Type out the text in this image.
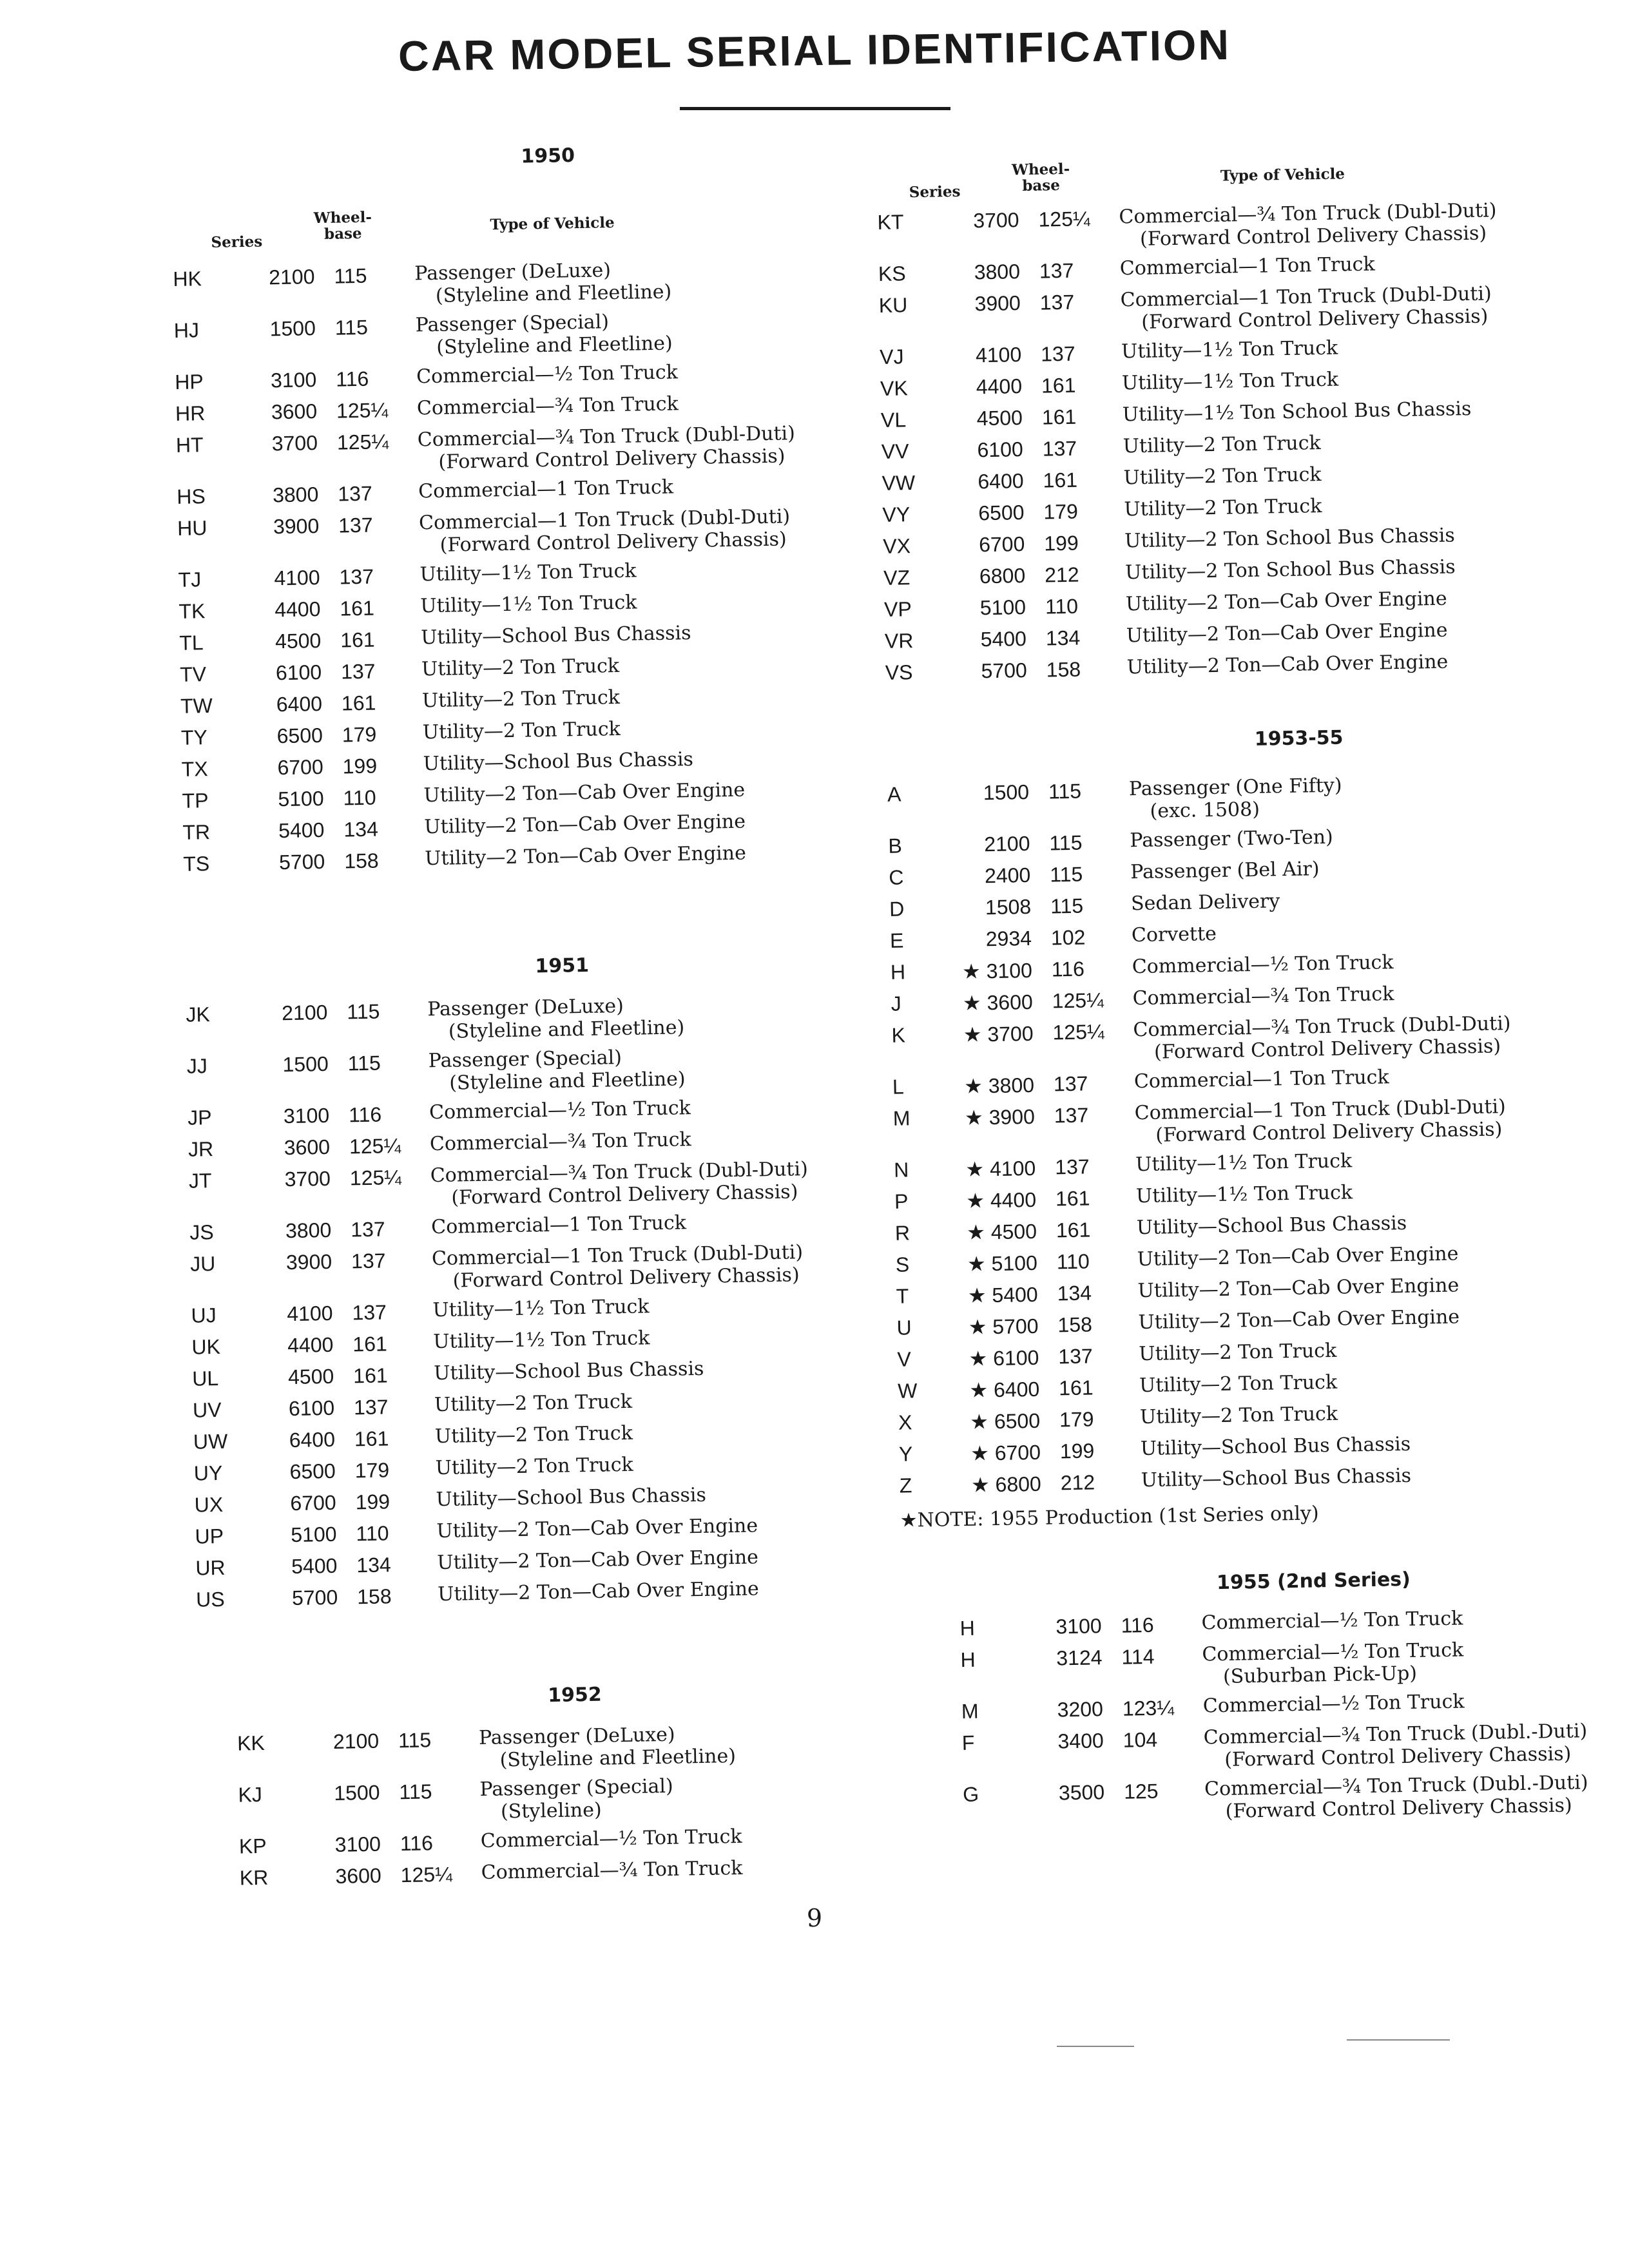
CAR MODEL SERIAL IDENTIFICATION
1950
Series
Wheel-
base
Type of Vehicle
HK	2100 115	Passenger (DeLuxe)
(Styleline and Fleetline)
HJ	1500 115	Passenger (Special)
(Styleline and Fleetline)
HP	3100 116	Commercial—½ Ton Truck
HR	3600 125¼	Commercial—¾ Ton Truck
HT	3700 125¼	Commercial—¾ Ton Truck (Dubl-Duti)
(Forward Control Delivery Chassis)
HS	3800 137	Commercial—1 Ton Truck
HU	3900 137	Commercial—1 Ton Truck (Dubl-Duti)
(Forward Control Delivery Chassis)
TJ	4100 137	Utility—1½ Ton Truck
TK	4400 161	Utility—1½ Ton Truck
TL	4500 161	Utility—School Bus Chassis
TV	6100 137	Utility—2 Ton Truck
TW	6400 161	Utility—2 Ton Truck
TY	6500 179	Utility—2 Ton Truck
TX	6700 199	Utility—School Bus Chassis
TP	5100 110	Utility—2 Ton—Cab Over Engine
TR	5400 134	Utility—2 Ton—Cab Over Engine
TS	5700 158	Utility—2 Ton—Cab Over Engine
1951
JK	2100 115	Passenger (DeLuxe)
(Styleline and Fleetline)
JJ	1500 115	Passenger (Special)
(Styleline and Fleetline)
JP	3100 116	Commercial—½ Ton Truck
JR	3600 125¼	Commercial—¾ Ton Truck
JT	3700 125¼	Commercial—¾ Ton Truck (Dubl-Duti)
(Forward Control Delivery Chassis)
JS	3800 137	Commercial—1 Ton Truck
JU	3900 137	Commercial—1 Ton Truck (Dubl-Duti)
(Forward Control Delivery Chassis)
UJ	4100 137	Utility—1½ Ton Truck
UK	4400 161	Utility—1½ Ton Truck
UL	4500 161	Utility—School Bus Chassis
UV	6100 137	Utility—2 Ton Truck
UW	6400 161	Utility—2 Ton Truck
UY	6500 179	Utility—2 Ton Truck
UX	6700 199	Utility—School Bus Chassis
UP	5100 110	Utility—2 Ton—Cab Over Engine
UR	5400 134	Utility—2 Ton—Cab Over Engine
US	5700 158	Utility—2 Ton—Cab Over Engine
1952
KK	2100 115	Passenger (DeLuxe)
(Styleline and Fleetline)
KJ	1500 115	Passenger (Special)
(Styleline)
KP	3100 116	Commercial—½ Ton Truck
KR	3600 125¼	Commercial—¾ Ton Truck
Series
Wheel-
base
Type of Vehicle
KT	3700 125¼	Commercial—¾ Ton Truck (Dubl-Duti)
(Forward Control Delivery Chassis)
KS	3800 137	Commercial—1 Ton Truck
KU	3900 137	Commercial—1 Ton Truck (Dubl-Duti)
(Forward Control Delivery Chassis)
VJ	4100 137	Utility—1½ Ton Truck
VK	4400 161	Utility—1½ Ton Truck
VL	4500 161	Utility—1½ Ton School Bus Chassis
VV	6100 137	Utility—2 Ton Truck
VW	6400 161	Utility—2 Ton Truck
VY	6500 179	Utility—2 Ton Truck
VX	6700 199	Utility—2 Ton School Bus Chassis
VZ	6800 212	Utility—2 Ton School Bus Chassis
VP	5100 110	Utility—2 Ton—Cab Over Engine
VR	5400 134	Utility—2 Ton—Cab Over Engine
VS	5700 158	Utility—2 Ton—Cab Over Engine
1953-55
A	1500 115	Passenger (One Fifty)
(exc. 1508)
B	2100 115	Passenger (Two-Ten)
C	2400 115	Passenger (Bel Air)
D	1508 115	Sedan Delivery
E	2934 102	Corvette
H	★ 3100 116	Commercial—½ Ton Truck
J	★ 3600 125¼	Commercial—¾ Ton Truck
K	★ 3700 125¼	Commercial—¾ Ton Truck (Dubl-Duti)
(Forward Control Delivery Chassis)
L	★ 3800 137	Commercial—1 Ton Truck
M	★ 3900 137	Commercial—1 Ton Truck (Dubl-Duti)
(Forward Control Delivery Chassis)
N	★ 4100 137	Utility—1½ Ton Truck
P	★ 4400 161	Utility—1½ Ton Truck
R	★ 4500 161	Utility—School Bus Chassis
S	★ 5100 110	Utility—2 Ton—Cab Over Engine
T	★ 5400 134	Utility—2 Ton—Cab Over Engine
U	★ 5700 158	Utility—2 Ton—Cab Over Engine
V	★ 6100 137	Utility—2 Ton Truck
W	★ 6400 161	Utility—2 Ton Truck
X	★ 6500 179	Utility—2 Ton Truck
Y	★ 6700 199	Utility—School Bus Chassis
Z	★ 6800 212	Utility—School Bus Chassis
★NOTE: 1955 Production (1st Series only)
1955 (2nd Series)
H	3100 116	Commercial—½ Ton Truck
H	3124 114	Commercial—½ Ton Truck
(Suburban Pick-Up)
M	3200 123¼	Commercial—½ Ton Truck
F	3400 104	Commercial—¾ Ton Truck (Dubl.-Duti)
(Forward Control Delivery Chassis)
G	3500 125	Commercial—¾ Ton Truck (Dubl.-Duti)
(Forward Control Delivery Chassis)
9
